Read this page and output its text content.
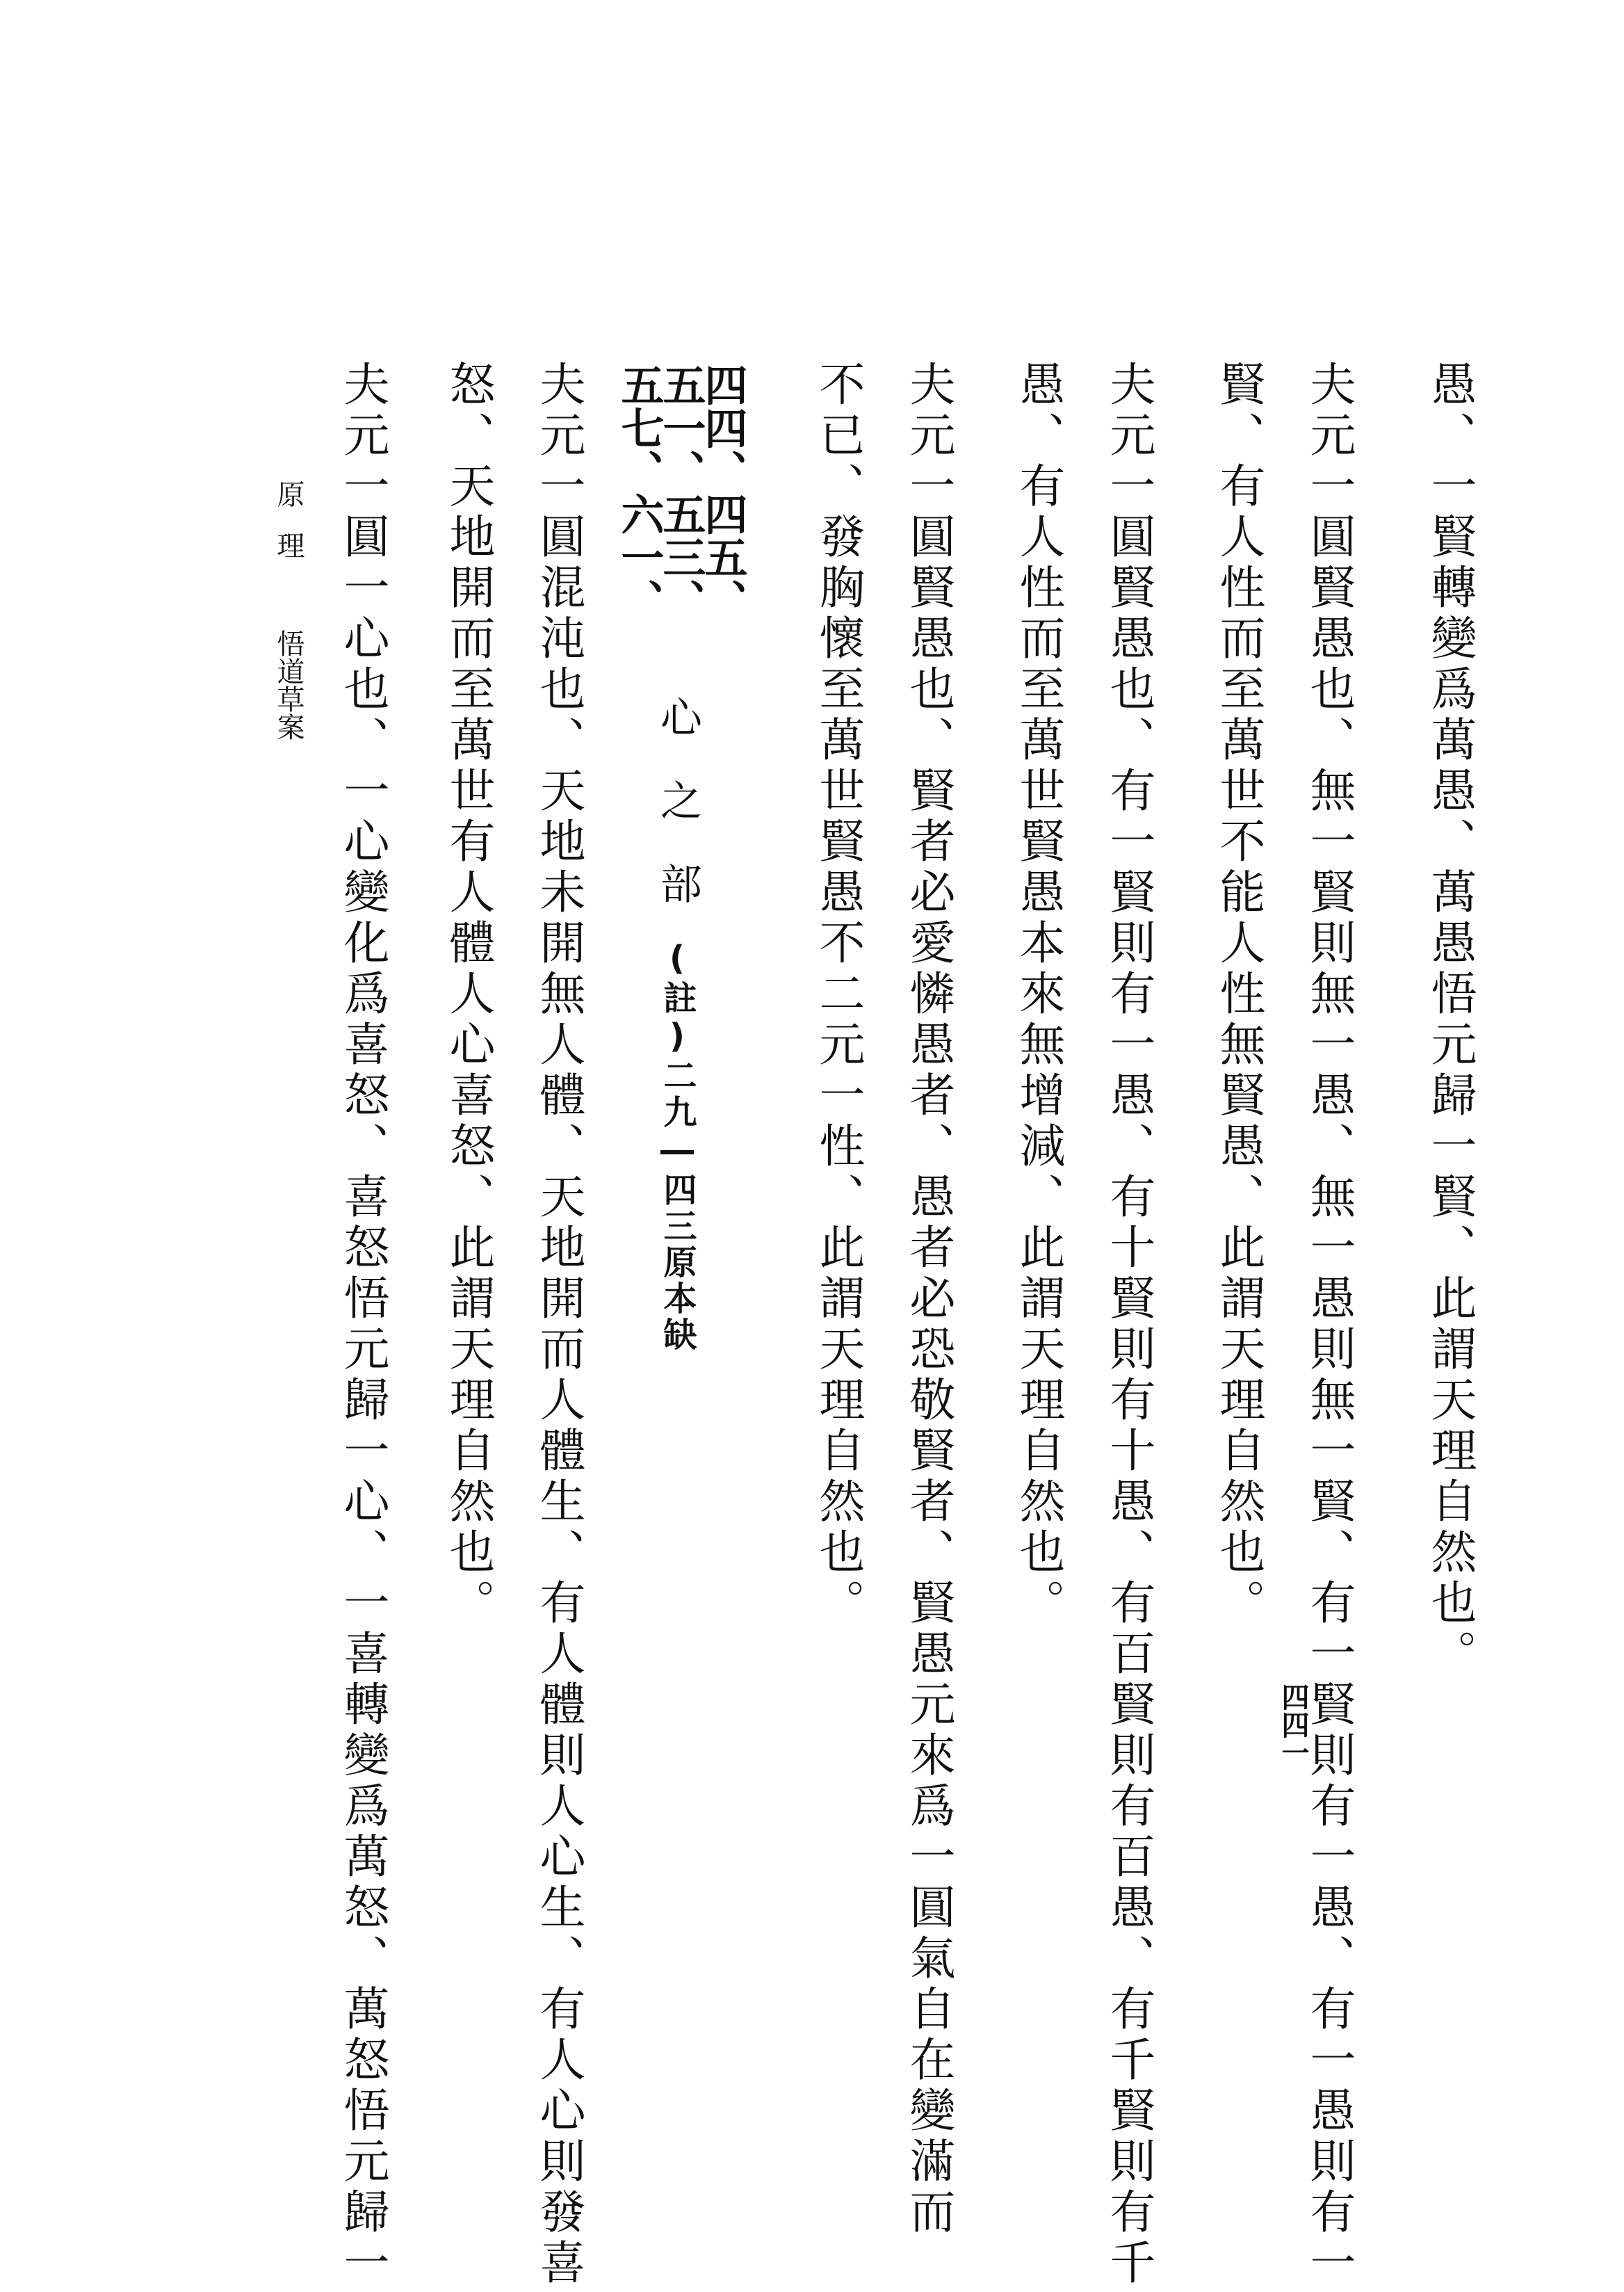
愚、一賢轉變爲萬愚、萬愚悟元歸一賢、此謂天理自然也。
夫元一圓賢愚也、無一賢則無一愚、無一愚則無一賢、有一賢則有一愚、有一愚則有一
賢、有人性而至萬世不能人性無賢愚、此謂天理自然也。
夫元一圓賢愚也、有一賢則有一愚、有十賢則有十愚、有百賢則有百愚、有千賢則有千
愚、有人性而至萬世賢愚本來無增減、此謂天理自然也。
夫元一圓賢愚也、賢者必愛憐愚者、愚者必恐敬賢者、賢愚元來爲一圓氣自在變滿而
不已、發胸懷至萬世賢愚不二元一性、此謂天理自然也。
四四、四五、
五一、五三、
五七、六一、
心之部
(註)二九―四三原本缺
夫元一圓混沌也、天地未開無人體、天地開而人體生、有人體則人心生、有人心則發喜
怒、天地開而至萬世有人體人心喜怒、此謂天理自然也。
夫元一圓一心也、一心變化爲喜怒、喜怒悟元歸一心、一喜轉變爲萬怒、萬怒悟元歸一
原理
悟道草案
四四一
